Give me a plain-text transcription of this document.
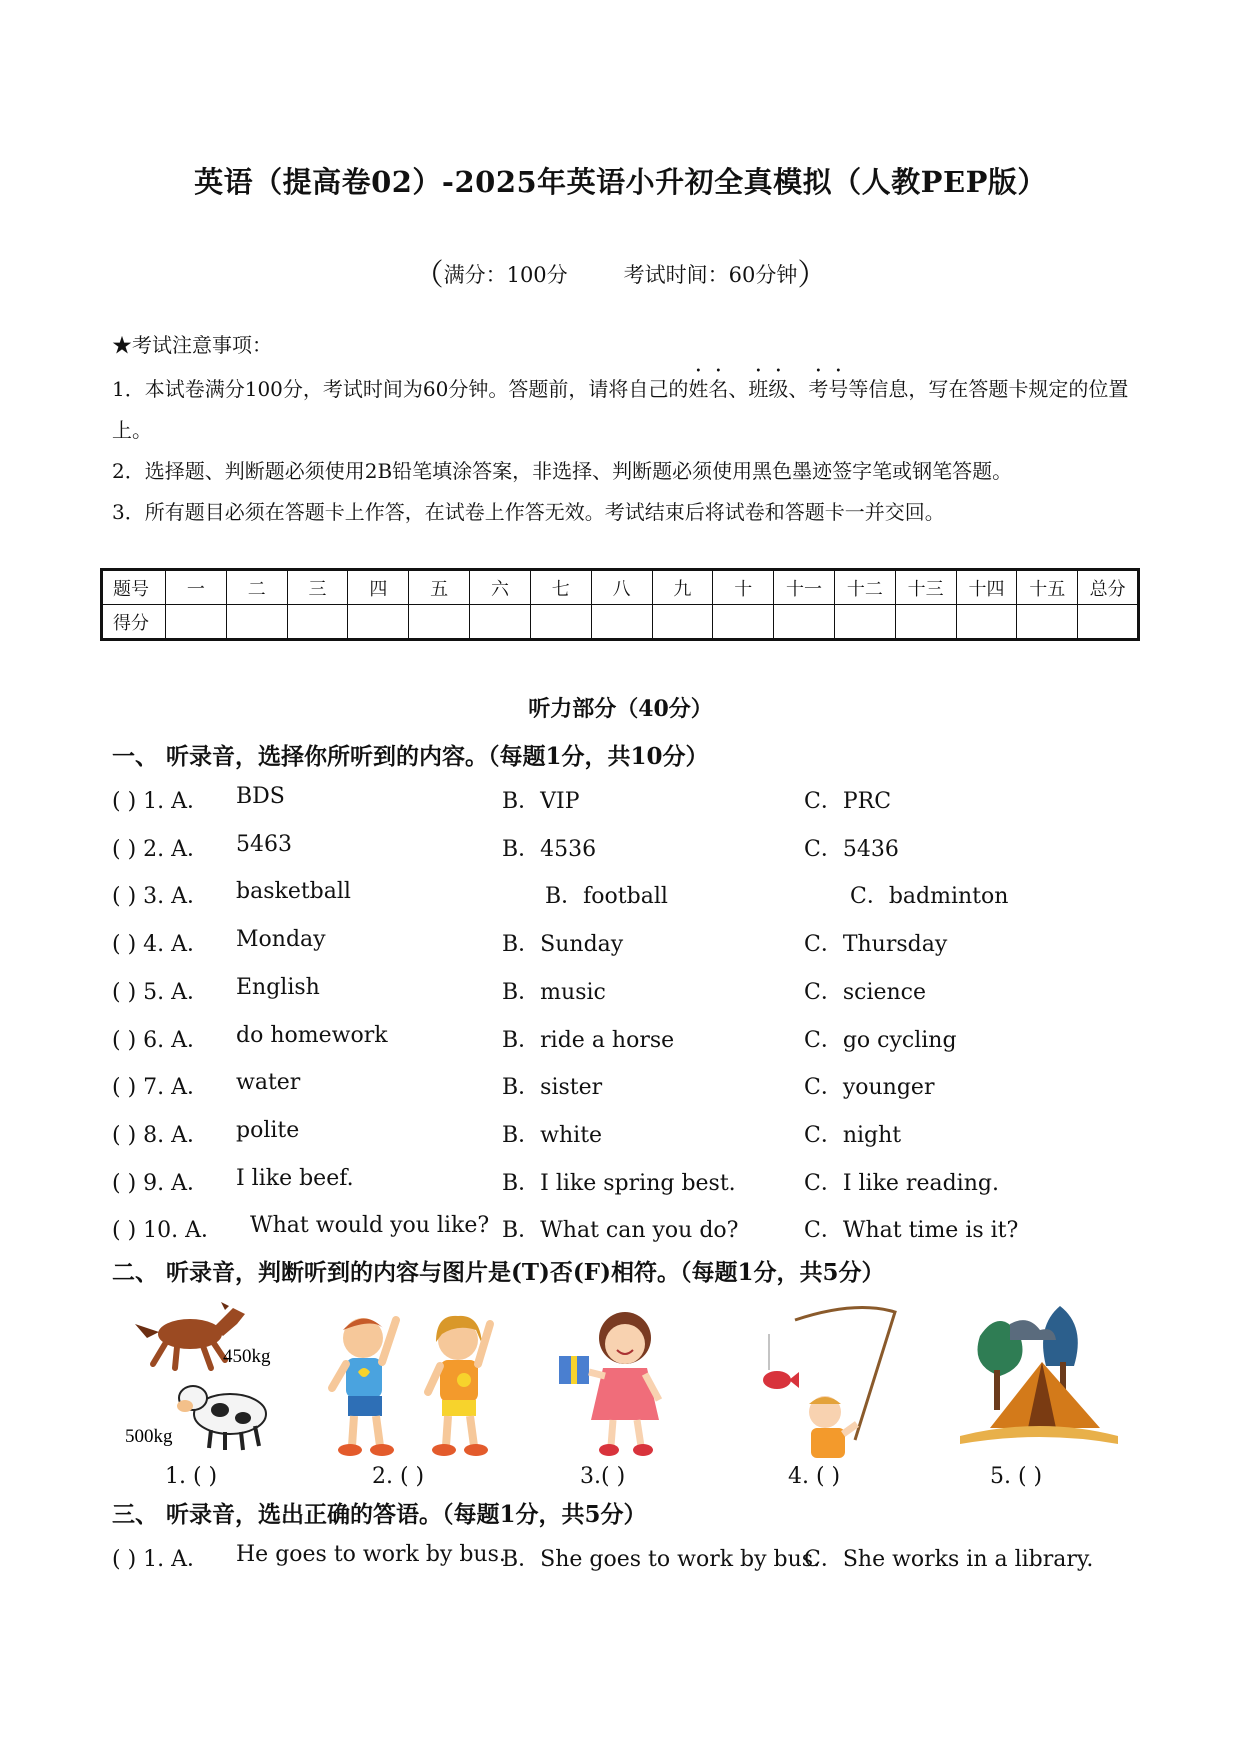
英语（提高卷02）-2025年英语小升初全真模拟（人教PEP版）
（满分：100分	考试时间：60分钟）

★考试注意事项：

1．本试卷满分100分，考试时间为60分钟。答题前，请将自己的姓名、班级、考号等信息，写在答题卡规定的位置上。

2．选择题、判断题必须使用2B铅笔填涂答案，非选择、判断题必须使用黑色墨迹签字笔或钢笔答题。

3．所有题目必须在答题卡上作答，在试卷上作答无效。考试结束后将试卷和答题卡一并交回。

题号	一	二	三	四	五	六	七	八	九	十	十一	十二	十三	十四	十五	总分
得分																
听力部分（40分）
一、 听录音，选择你所听到的内容。（每题1分，共10分）
( ) 1. A． BDS	B．VIP	C．PRC
( ) 2. A． 5463	B．4536	C．5436
( ) 3. A． basketball	B．football	C．badminton
( ) 4. A． Monday	B．Sunday	C．Thursday
( ) 5. A． English	B．music	C．science
( ) 6. A． do homework	B．ride a horse	C．go cycling
( ) 7. A． water	B．sister	C．younger
( ) 8. A． polite	B．white	C．night
( ) 9. A． I like beef.	B．I like spring best.	C．I like reading.
( ) 10. A． What would you like? B．What can you do?	C．What time is it?
二、 听录音，判断听到的内容与图片是(T)否(F)相符。（每题1分，共5分）
450kg
500kg
1. ( )	2. ( )	3.( )	4. ( )	5. ( )
三、 听录音，选出正确的答语。（每题1分，共5分）
( ) 1. A． He goes to work by bus.
B．She goes to work by bus.
C．She works in a library.
